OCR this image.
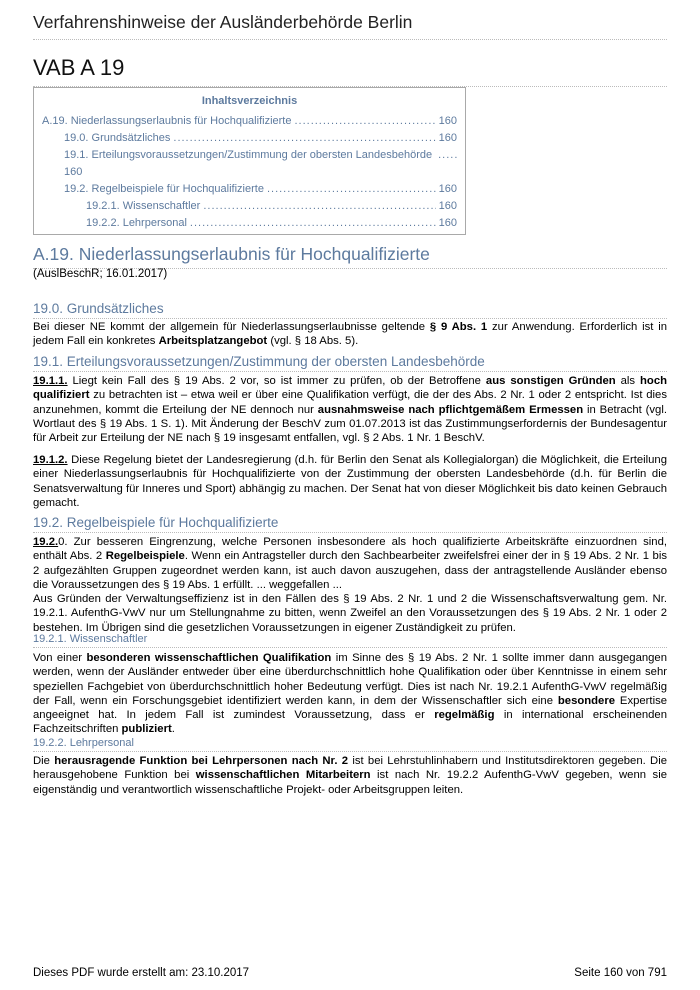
Verfahrenshinweise der Ausländerbehörde Berlin
VAB A 19
Inhaltsverzeichnis
A.19. Niederlassungserlaubnis für Hochqualifizierte .....	160
19.0. Grundsätzliches .....	160
19.1. Erteilungsvoraussetzungen/Zustimmung der obersten Landesbehörde
......
160
19.2. Regelbeispiele für Hochqualifizierte .....	160
19.2.1. Wissenschaftler .....	160
19.2.2. Lehrpersonal .....	160
A.19. Niederlassungserlaubnis für Hochqualifizierte
(AuslBeschR; 16.01.2017)
19.0. Grundsätzliches
Bei dieser NE kommt der allgemein für Niederlassungserlaubnisse geltende § 9 Abs. 1 zur Anwendung. Erforderlich ist in jedem Fall ein konkretes Arbeitsplatzangebot (vgl. § 18 Abs. 5).
19.1. Erteilungsvoraussetzungen/Zustimmung der obersten Landesbehörde
19.1.1. Liegt kein Fall des § 19 Abs. 2 vor, so ist immer zu prüfen, ob der Betroffene aus sonstigen Gründen als hoch qualifiziert zu betrachten ist – etwa weil er über eine Qualifikation verfügt, die der des Abs. 2 Nr. 1 oder 2 entspricht. Ist dies anzunehmen, kommt die Erteilung der NE dennoch nur ausnahmsweise nach pflichtgemäßem Ermessen in Betracht (vgl. Wortlaut des § 19 Abs. 1 S. 1). Mit Änderung der BeschV zum 01.07.2013 ist das Zustimmungserfordernis der Bundesagentur für Arbeit zur Erteilung der NE nach § 19 insgesamt entfallen, vgl. § 2 Abs. 1 Nr. 1 BeschV.
19.1.2. Diese Regelung bietet der Landesregierung (d.h. für Berlin den Senat als Kollegialorgan) die Möglichkeit, die Erteilung einer Niederlassungserlaubnis für Hochqualifizierte von der Zustimmung der obersten Landesbehörde (d.h. für Berlin die Senatsverwaltung für Inneres und Sport) abhängig zu machen. Der Senat hat von dieser Möglichkeit bis dato keinen Gebrauch gemacht.
19.2. Regelbeispiele für Hochqualifizierte
19.2.0. Zur besseren Eingrenzung, welche Personen insbesondere als hoch qualifizierte Arbeitskräfte einzuordnen sind, enthält Abs. 2 Regelbeispiele. Wenn ein Antragsteller durch den Sachbearbeiter zweifelsfrei einer der in § 19 Abs. 2 Nr. 1 bis 2 aufgezählten Gruppen zugeordnet werden kann, ist auch davon auszugehen, dass der antragstellende Ausländer ebenso die Voraussetzungen des § 19 Abs. 1 erfüllt. ... weggefallen ...
Aus Gründen der Verwaltungseffizienz ist in den Fällen des § 19 Abs. 2 Nr. 1 und 2 die Wissenschaftsverwaltung gem. Nr. 19.2.1. AufenthG-VwV nur um Stellungnahme zu bitten, wenn Zweifel an den Voraussetzungen des § 19 Abs. 2 Nr. 1 oder 2 bestehen. Im Übrigen sind die gesetzlichen Voraussetzungen in eigener Zuständigkeit zu prüfen.
19.2.1. Wissenschaftler
Von einer besonderen wissenschaftlichen Qualifikation im Sinne des § 19 Abs. 2 Nr. 1 sollte immer dann ausgegangen werden, wenn der Ausländer entweder über eine überdurchschnittlich hohe Qualifikation oder über Kenntnisse in einem sehr speziellen Fachgebiet von überdurchschnittlich hoher Bedeutung verfügt. Dies ist nach Nr. 19.2.1 AufenthG-VwV regelmäßig der Fall, wenn ein Forschungsgebiet identifiziert werden kann, in dem der Wissenschaftler sich eine besondere Expertise angeeignet hat. In jedem Fall ist zumindest Voraussetzung, dass er regelmäßig in international erscheinenden Fachzeitschriften publiziert.
19.2.2. Lehrpersonal
Die herausragende Funktion bei Lehrpersonen nach Nr. 2 ist bei Lehrstuhlinhabern und Institutsdirektoren gegeben. Die herausgehobene Funktion bei wissenschaftlichen Mitarbeitern ist nach Nr. 19.2.2 AufenthG-VwV gegeben, wenn sie eigenständig und verantwortlich wissenschaftliche Projekt- oder Arbeitsgruppen leiten.
Dieses PDF wurde erstellt am: 23.10.2017	Seite 160 von 791
